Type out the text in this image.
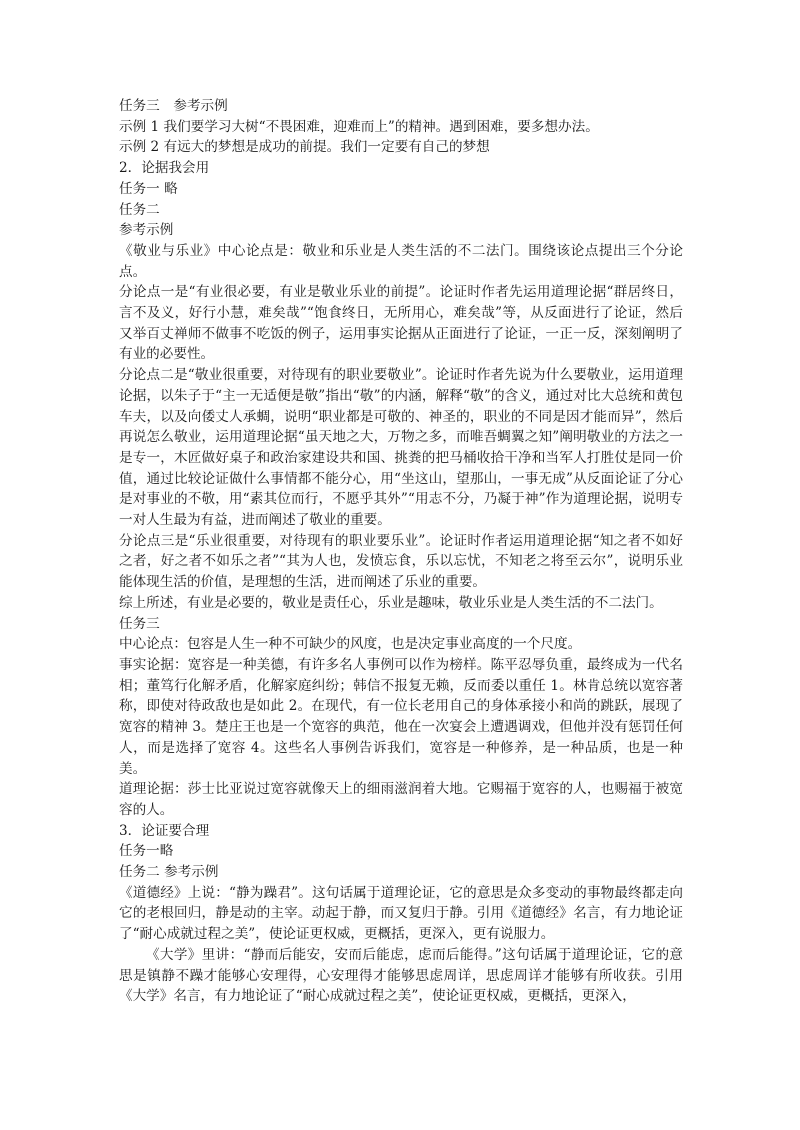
任务三　参考示例

示例 1 我们要学习大树“不畏困难，迎难而上”的精神。遇到困难，要多想办法。

示例 2 有远大的梦想是成功的前提。我们一定要有自己的梦想

2．论据我会用

任务一 略

任务二

参考示例

《敬业与乐业》中心论点是：敬业和乐业是人类生活的不二法门。围绕该论点提出三个分论点。

分论点一是“有业很必要，有业是敬业乐业的前提”。论证时作者先运用道理论据“群居终日，言不及义，好行小慧，难矣哉”“饱食终日，无所用心，难矣哉”等，从反面进行了论证，然后又举百丈禅师不做事不吃饭的例子，运用事实论据从正面进行了论证，一正一反，深刻阐明了有业的必要性。

分论点二是“敬业很重要，对待现有的职业要敬业”。论证时作者先说为什么要敬业，运用道理论据，以朱子于“主一无适便是敬”指出“敬”的内涵，解释“敬”的含义，通过对比大总统和黄包车夫，以及向倭丈人承蜩，说明“职业都是可敬的、神圣的，职业的不同是因才能而异”，然后再说怎么敬业，运用道理论据“虽天地之大，万物之多，而唯吾蜩翼之知”阐明敬业的方法之一是专一，木匠做好桌子和政治家建设共和国、挑粪的把马桶收拾干净和当军人打胜仗是同一价值，通过比较论证做什么事情都不能分心，用“坐这山，望那山，一事无成”从反面论证了分心是对事业的不敬，用“素其位而行，不愿乎其外”“用志不分，乃凝于神”作为道理论据，说明专一对人生最为有益，进而阐述了敬业的重要。

分论点三是“乐业很重要，对待现有的职业要乐业”。论证时作者运用道理论据“知之者不如好之者，好之者不如乐之者”“其为人也，发愤忘食，乐以忘忧，不知老之将至云尔”，说明乐业能体现生活的价值，是理想的生活，进而阐述了乐业的重要。

综上所述，有业是必要的，敬业是责任心，乐业是趣味，敬业乐业是人类生活的不二法门。

任务三

中心论点：包容是人生一种不可缺少的风度，也是决定事业高度的一个尺度。

事实论据：宽容是一种美德，有许多名人事例可以作为榜样。陈平忍辱负重，最终成为一代名相；董笃行化解矛盾，化解家庭纠纷；韩信不报复无赖，反而委以重任 1。林肯总统以宽容著称，即使对待政敌也是如此 2。在现代，有一位长老用自己的身体承接小和尚的跳跃，展现了宽容的精神 3。楚庄王也是一个宽容的典范，他在一次宴会上遭遇调戏，但他并没有惩罚任何人，而是选择了宽容 4。这些名人事例告诉我们，宽容是一种修养，是一种品质，也是一种美。

道理论据：莎士比亚说过宽容就像天上的细雨滋润着大地。它赐福于宽容的人，也赐福于被宽容的人。

3．论证要合理

任务一略

任务二 参考示例

《道德经》上说：“静为躁君”。这句话属于道理论证，它的意思是众多变动的事物最终都走向它的老根回归，静是动的主宰。动起于静，而又复归于静。引用《道德经》名言，有力地论证了“耐心成就过程之美”，使论证更权威，更概括，更深入，更有说服力。

《大学》里讲：“静而后能安，安而后能虑，虑而后能得。”这句话属于道理论证，它的意思是镇静不躁才能够心安理得，心安理得才能够思虑周详，思虑周详才能够有所收获。引用《大学》名言，有力地论证了“耐心成就过程之美”，使论证更权威，更概括，更深入，
